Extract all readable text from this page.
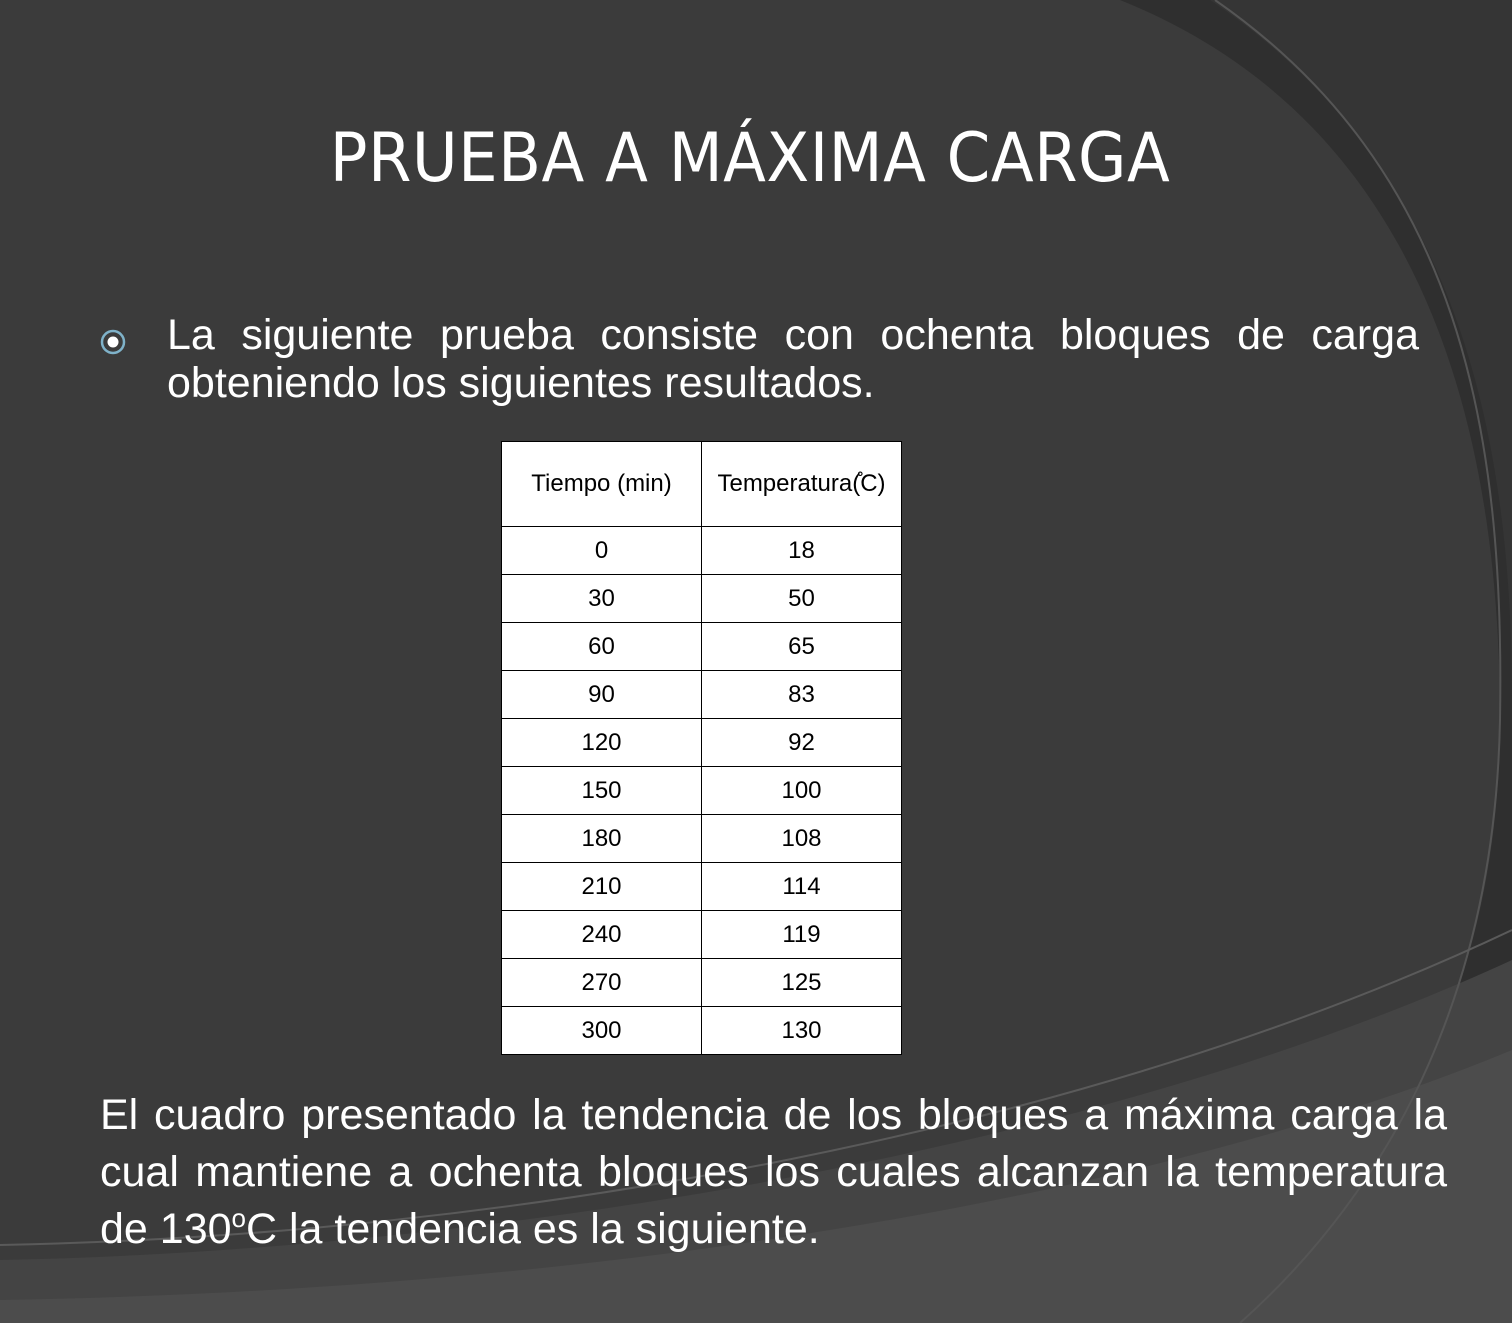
PRUEBA A MÁXIMA CARGA
La siguiente prueba consiste con ochenta bloques de carga obteniendo los siguientes resultados.
Tiempo (min)	Temperatura(̊C)
0	18
30	50
60	65
90	83
120	92
150	100
180	108
210	114
240	119
270	125
300	130
El cuadro presentado la tendencia de los bloques a máxima carga la cual mantiene a ochenta bloques los cuales alcanzan la temperatura de 130$^o$C la tendencia es la siguiente.
